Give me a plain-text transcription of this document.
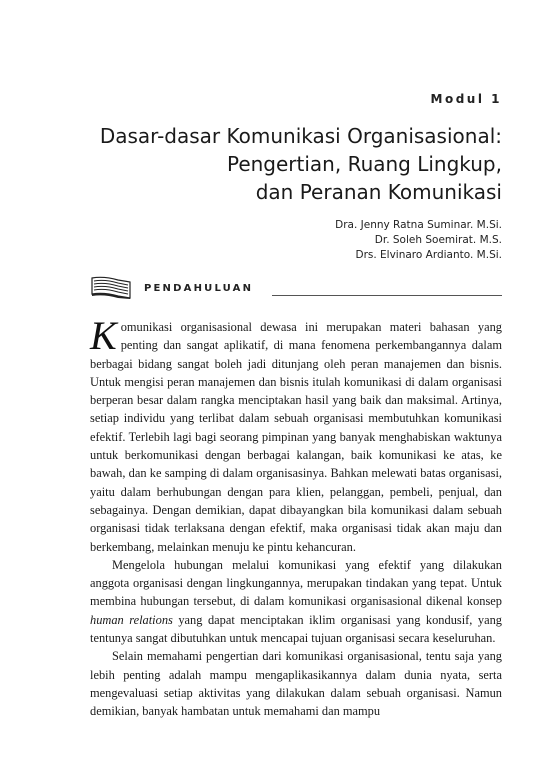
Modul 1
Dasar-dasar Komunikasi Organisasional:
Pengertian, Ruang Lingkup,
dan Peranan Komunikasi
Dra. Jenny Ratna Suminar. M.Si.
Dr. Soleh Soemirat. M.S.
Drs. Elvinaro Ardianto. M.Si.
PENDAHULUAN

Komunikasi organisasional dewasa ini merupakan materi bahasan yang penting dan sangat aplikatif, di mana fenomena perkembangannya dalam berbagai bidang sangat boleh jadi ditunjang oleh peran manajemen dan bisnis. Untuk mengisi peran manajemen dan bisnis itulah komunikasi di dalam organisasi berperan besar dalam rangka menciptakan hasil yang baik dan maksimal. Artinya, setiap individu yang terlibat dalam sebuah organisasi membutuhkan komunikasi efektif. Terlebih lagi bagi seorang pimpinan yang banyak menghabiskan waktunya untuk berkomunikasi dengan berbagai kalangan, baik komunikasi ke atas, ke bawah, dan ke samping di dalam organisasinya. Bahkan melewati batas organisasi, yaitu dalam berhubungan dengan para klien, pelanggan, pembeli, penjual, dan sebagainya. Dengan demikian, dapat dibayangkan bila komunikasi dalam sebuah organisasi tidak terlaksana dengan efektif, maka organisasi tidak akan maju dan berkembang, melainkan menuju ke pintu kehancuran.

Mengelola hubungan melalui komunikasi yang efektif yang dilakukan anggota organisasi dengan lingkungannya, merupakan tindakan yang tepat. Untuk membina hubungan tersebut, di dalam komunikasi organisasional dikenal konsep human relations yang dapat menciptakan iklim organisasi yang kondusif, yang tentunya sangat dibutuhkan untuk mencapai tujuan organisasi secara keseluruhan.

Selain memahami pengertian dari komunikasi organisasional, tentu saja yang lebih penting adalah mampu mengaplikasikannya dalam dunia nyata, serta mengevaluasi setiap aktivitas yang dilakukan dalam sebuah organisasi. Namun demikian, banyak hambatan untuk memahami dan mampu
